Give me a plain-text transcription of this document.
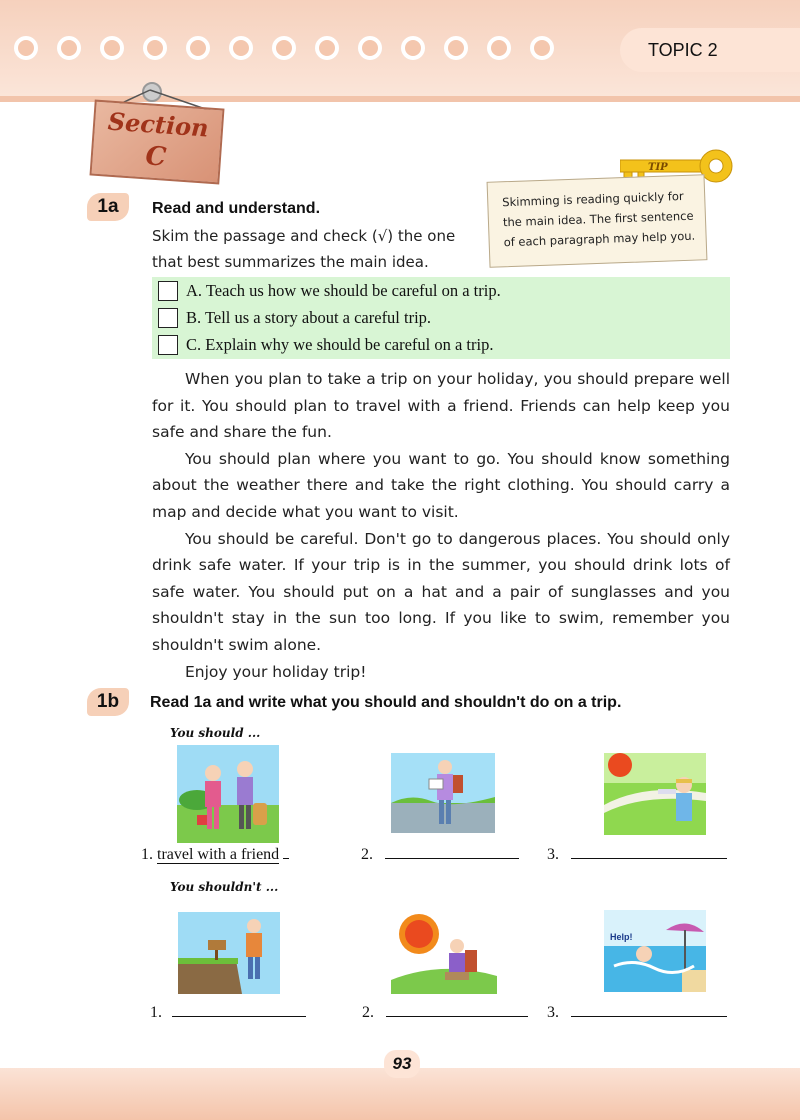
TOPIC 2
Section
C	TIP
Skimming is reading quickly for the main idea. The first sentence of each paragraph may help you.
1a	Read and understand.
Skim the passage and check (√) the one
that best summarizes the main idea.
A. Teach us how we should be careful on a trip.
B. Tell us a story about a careful trip.
C. Explain why we should be careful on a trip.

When you plan to take a trip on your holiday, you should prepare well for it. You should plan to travel with a friend. Friends can help keep you safe and share the fun.

You should plan where you want to go. You should know something about the weather there and take the right clothing. You should carry a map and decide what you want to visit.

You should be careful. Don't go to dangerous places. You should only drink safe water. If your trip is in the summer, you should drink lots of safe water. You should put on a hat and a pair of sunglasses and you shouldn't stay in the sun too long. If you like to swim, remember you shouldn't swim alone.

Enjoy your holiday trip!

1b	Read 1a and write what you should and shouldn't do on a trip.
You should ...
1. travel with a friend	2.	3.
You shouldn't ...
Help!
1.	2.	3.
93
